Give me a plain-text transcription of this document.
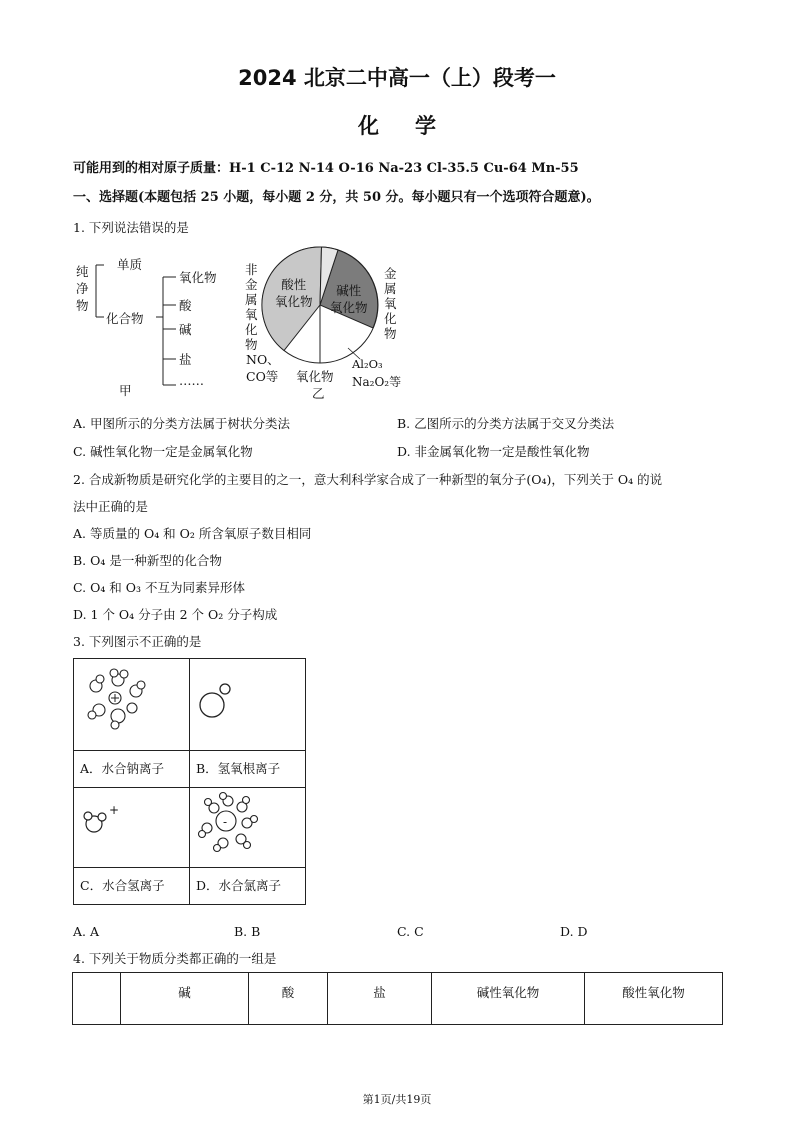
2024 北京二中高一（上）段考一
化学
可能用到的相对原子质量：H-1 C-12 N-14 O-16 Na-23 Cl-35.5 Cu-64 Mn-55
一、选择题(本题包括 25 小题，每小题 2 分，共 50 分。每小题只有一个选项符合题意)。
1. 下列说法错误的是
纯
净
物
单质
化合物
氧化物
酸
碱
盐
……
甲
非
金
属
氧
化
物
酸性
氧化物
碱性
氧化物
金
属
氧
化
物
NO、
CO等 氧化物
乙
Al₂O₃
Na₂O₂等
A. 甲图所示的分类方法属于树状分类法	B. 乙图所示的分类方法属于交叉分类法
C. 碱性氧化物一定是金属氧化物	D. 非金属氧化物一定是酸性氧化物
2. 合成新物质是研究化学的主要目的之一，意大利科学家合成了一种新型的氧分子(O₄)，下列关于 O₄ 的说
法中正确的是
A. 等质量的 O₄ 和 O₂ 所含氧原子数目相同
B. O₄ 是一种新型的化合物
C. O₄ 和 O₃ 不互为同素异形体
D. 1 个 O₄ 分子由 2 个 O₂ 分子构成
3. 下列图示不正确的是

A．水合钠离子	B．氢氧根离子

+	-

C．水合氢离子	D．水合氯离子
A. A	B. B	C. C	D. D
4. 下列关于物质分类都正确的一组是
	碱	酸	盐	碱性氧化物	酸性氧化物
第1页/共19页
